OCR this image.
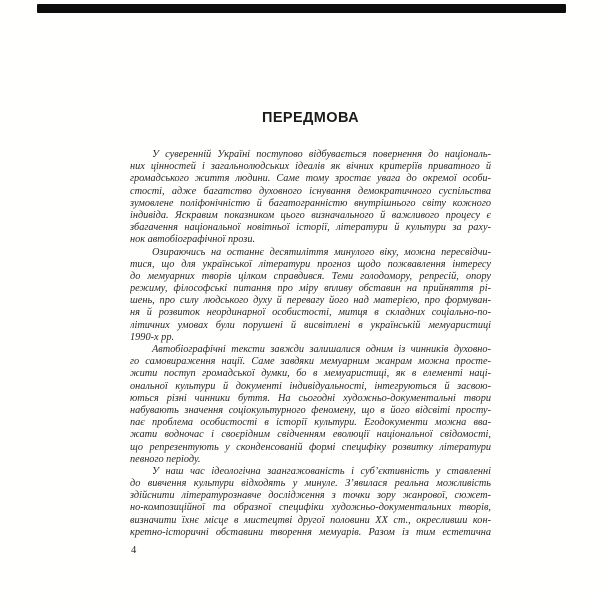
ПЕРЕДМОВА
У суверенній Україні поступово відбувається повернення до національ-
них цінностей і загальнолюдських ідеалів як вічних критеріїв приватного й
громадського життя людини. Саме тому зростає увага до окремої особи-
стості, адже багатство духовного існування демократичного суспільства
зумовлене поліфонічністю й багатогранністю внутрішнього світу кожного
індивіда. Яскравим показником цього визначального й важливого процесу є
збагачення національної новітньої історії, літератури й культури за раху-
нок автобіографічної прози.
Озираючись на останнє десятиліття минулого віку, можна пересвідчи-
тися, що для української літератури прогноз щодо пожвавлення інтересу
до мемуарних творів цілком справдився. Теми голодомору, репресій, опору
режиму, філософські питання про міру впливу обставин на прийняття рі-
шень, про силу людського духу й перевагу його над матерією, про формуван-
ня й розвиток неординарної особистості, митця в складних соціально-по-
літичних умовах були порушені й висвітлені в українській мемуаристиці
1990-х рр.
Автобіографічні тексти завжди залишалися одним із чинників духовно-
го самовираження нації. Саме завдяки мемуарним жанрам можна просте-
жити поступ громадської думки, бо в мемуаристиці, як в елементі наці-
ональної культури й документі індивідуальності, інтегруються й засвою-
ються різні чинники буття. На сьогодні художньо-документальні твори
набувають значення соціокультурного феномену, що в його відсвіті просту-
пає проблема особистості в історії культури. Егодокументи можна вва-
жати водночас і своєрідним свідченням еволюції національної свідомості,
що репрезентують у сконденсованій формі специфіку розвитку літератури
певного періоду.
У наш час ідеологічна заангажованість і суб’єктивність у ставленні
до вивчення культури відходять у минуле. З’явилася реальна можливість
здійснити літературознавче дослідження з точки зору жанрової, сюжет-
но-композиційної та образної специфіки художньо-документальних творів,
визначити їхнє місце в мистецтві другої половини ХХ ст., окресливши кон-
кретно-історичні обставини творення мемуарів. Разом із тим естетична
4
